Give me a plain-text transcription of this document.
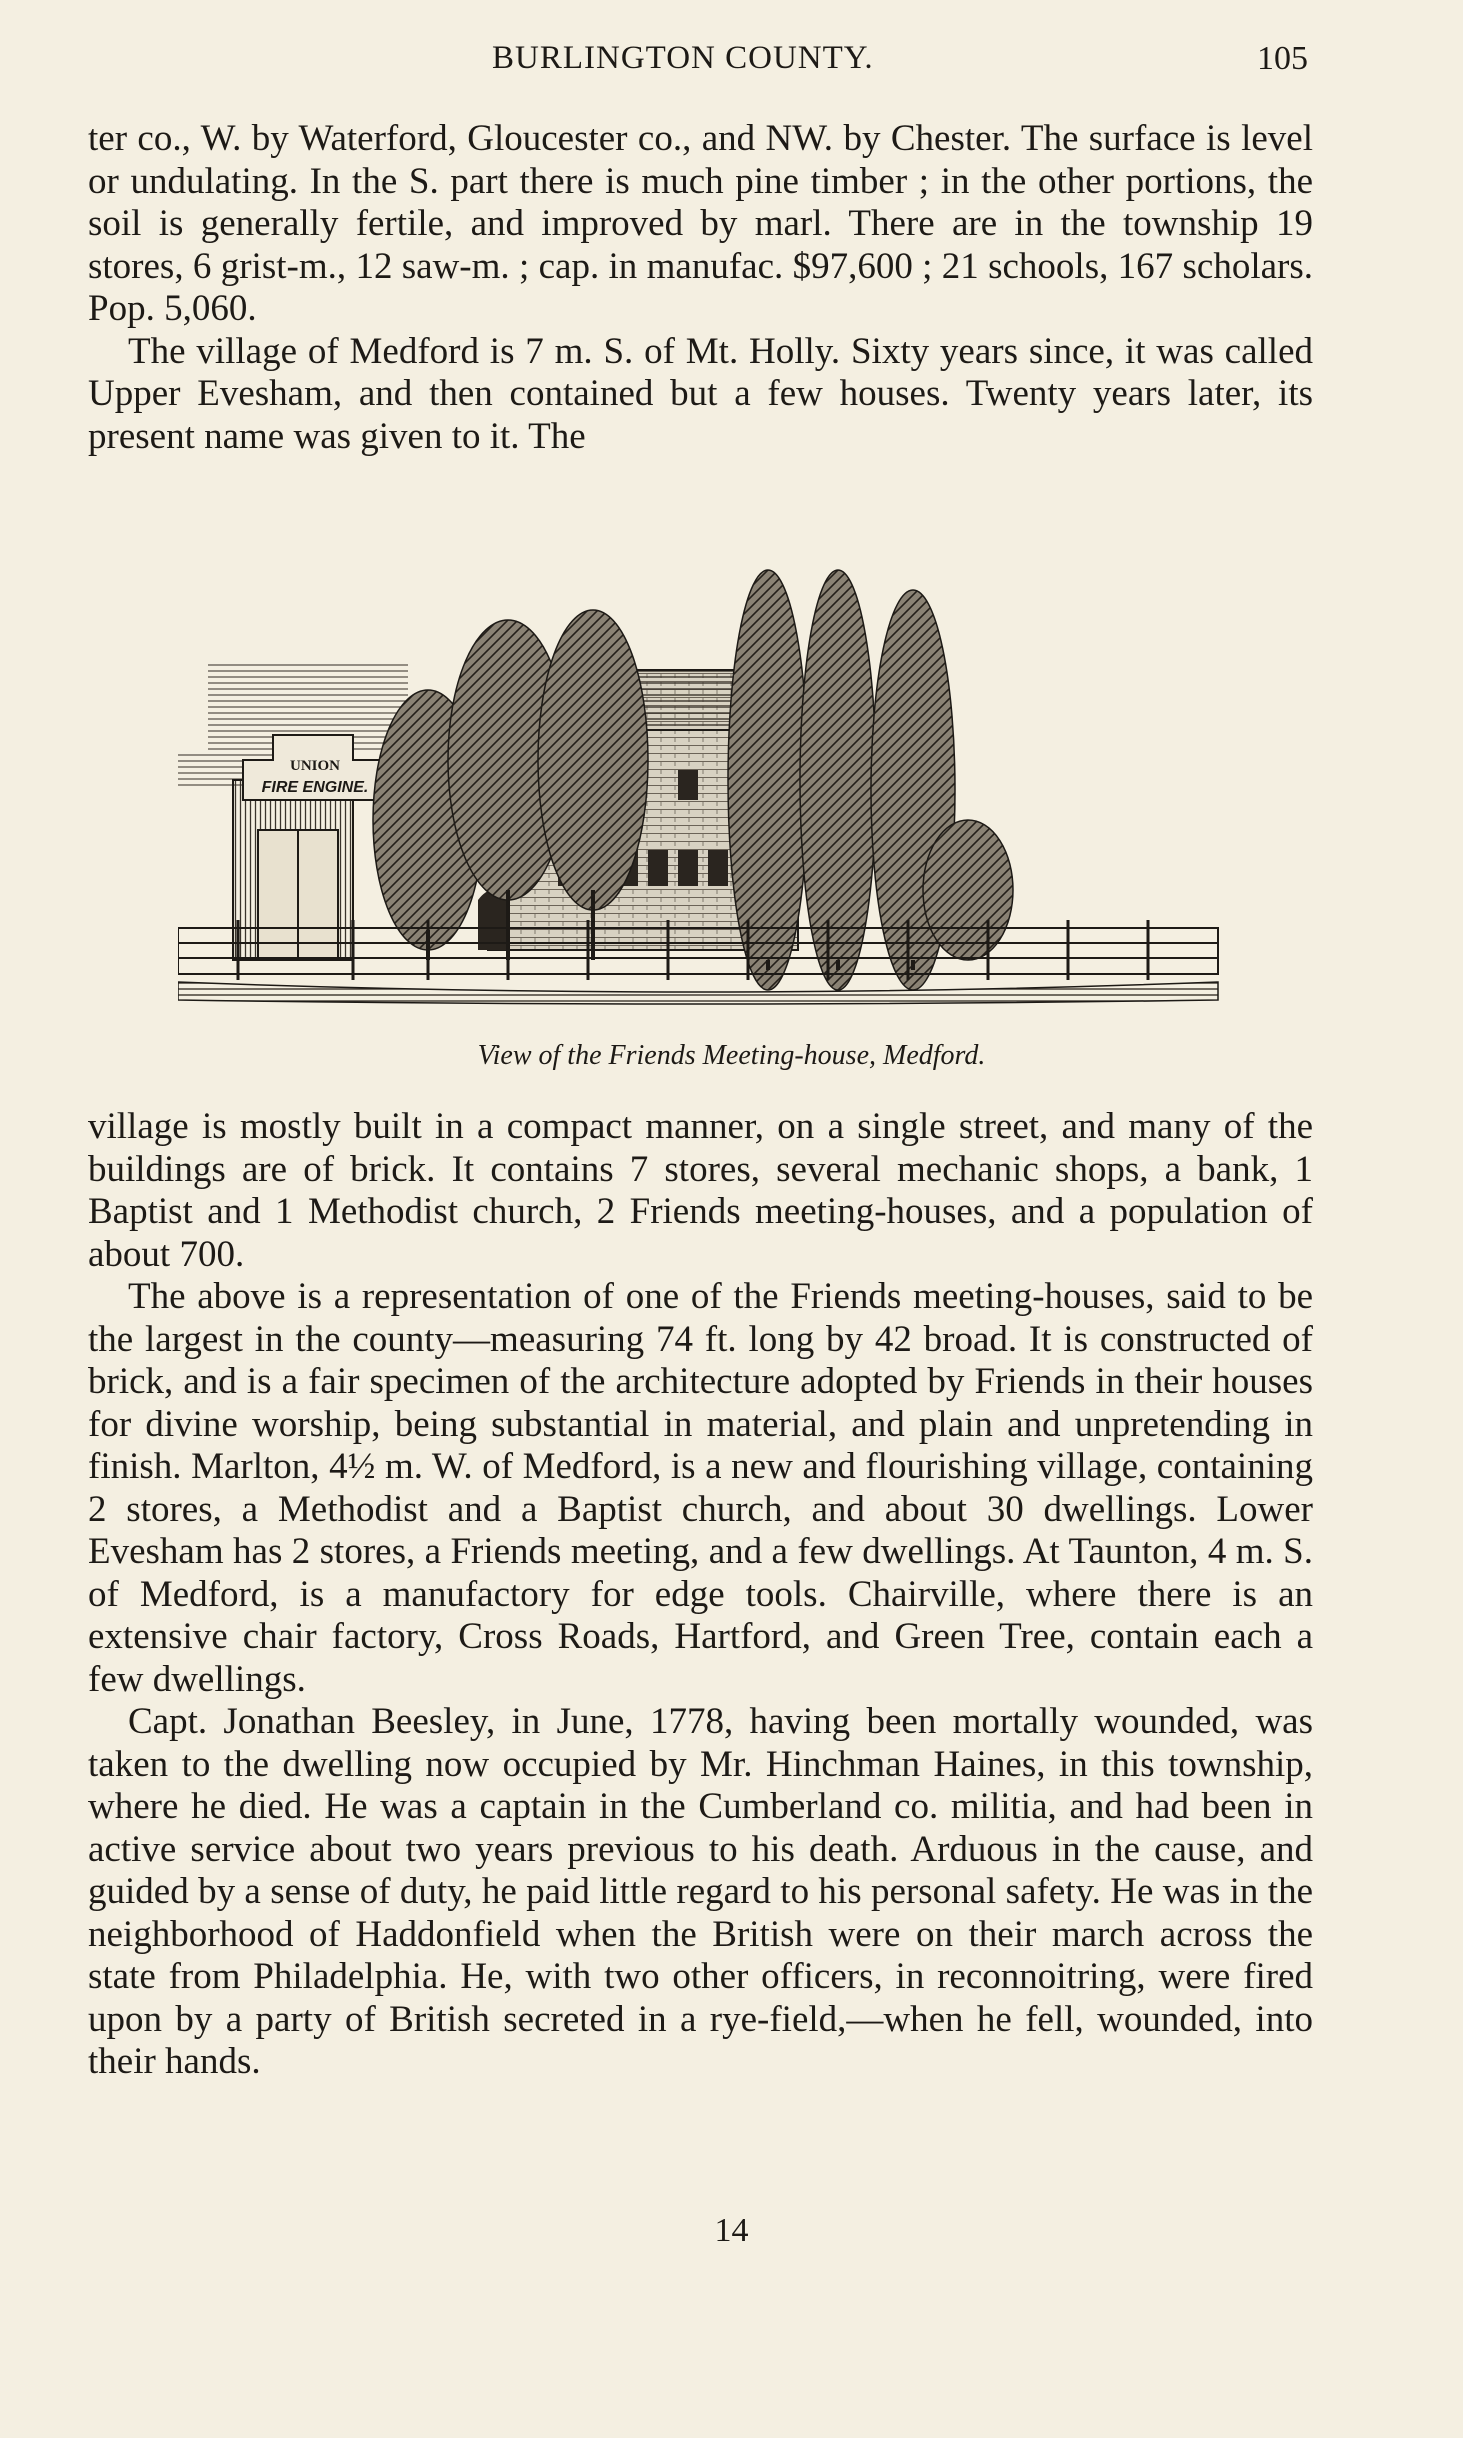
BURLINGTON COUNTY.	105

ter co., W. by Waterford, Gloucester co., and NW. by Chester. The surface is level or undulating. In the S. part there is much pine timber ; in the other portions, the soil is generally fertile, and improved by marl. There are in the township 19 stores, 6 grist-m., 12 saw-m. ; cap. in manufac. $97,600 ; 21 schools, 167 scholars. Pop. 5,060.

The village of Medford is 7 m. S. of Mt. Holly. Sixty years since, it was called Upper Evesham, and then contained but a few houses. Twenty years later, its present name was given to it. The

UNION
FIRE ENGINE.
View of the Friends Meeting-house, Medford.

village is mostly built in a compact manner, on a single street, and many of the buildings are of brick. It contains 7 stores, several mechanic shops, a bank, 1 Baptist and 1 Methodist church, 2 Friends meeting-houses, and a population of about 700.

The above is a representation of one of the Friends meeting-houses, said to be the largest in the county—measuring 74 ft. long by 42 broad. It is constructed of brick, and is a fair specimen of the architecture adopted by Friends in their houses for divine worship, being substantial in material, and plain and unpretending in finish. Marlton, 4½ m. W. of Medford, is a new and flourishing village, containing 2 stores, a Methodist and a Baptist church, and about 30 dwellings. Lower Evesham has 2 stores, a Friends meeting, and a few dwellings. At Taunton, 4 m. S. of Medford, is a manufactory for edge tools. Chairville, where there is an extensive chair factory, Cross Roads, Hartford, and Green Tree, contain each a few dwellings.

Capt. Jonathan Beesley, in June, 1778, having been mortally wounded, was taken to the dwelling now occupied by Mr. Hinchman Haines, in this township, where he died. He was a captain in the Cumberland co. militia, and had been in active service about two years previous to his death. Arduous in the cause, and guided by a sense of duty, he paid little regard to his personal safety. He was in the neighborhood of Haddonfield when the British were on their march across the state from Philadelphia. He, with two other officers, in reconnoitring, were fired upon by a party of British secreted in a rye-field,—when he fell, wounded, into their hands.

14
